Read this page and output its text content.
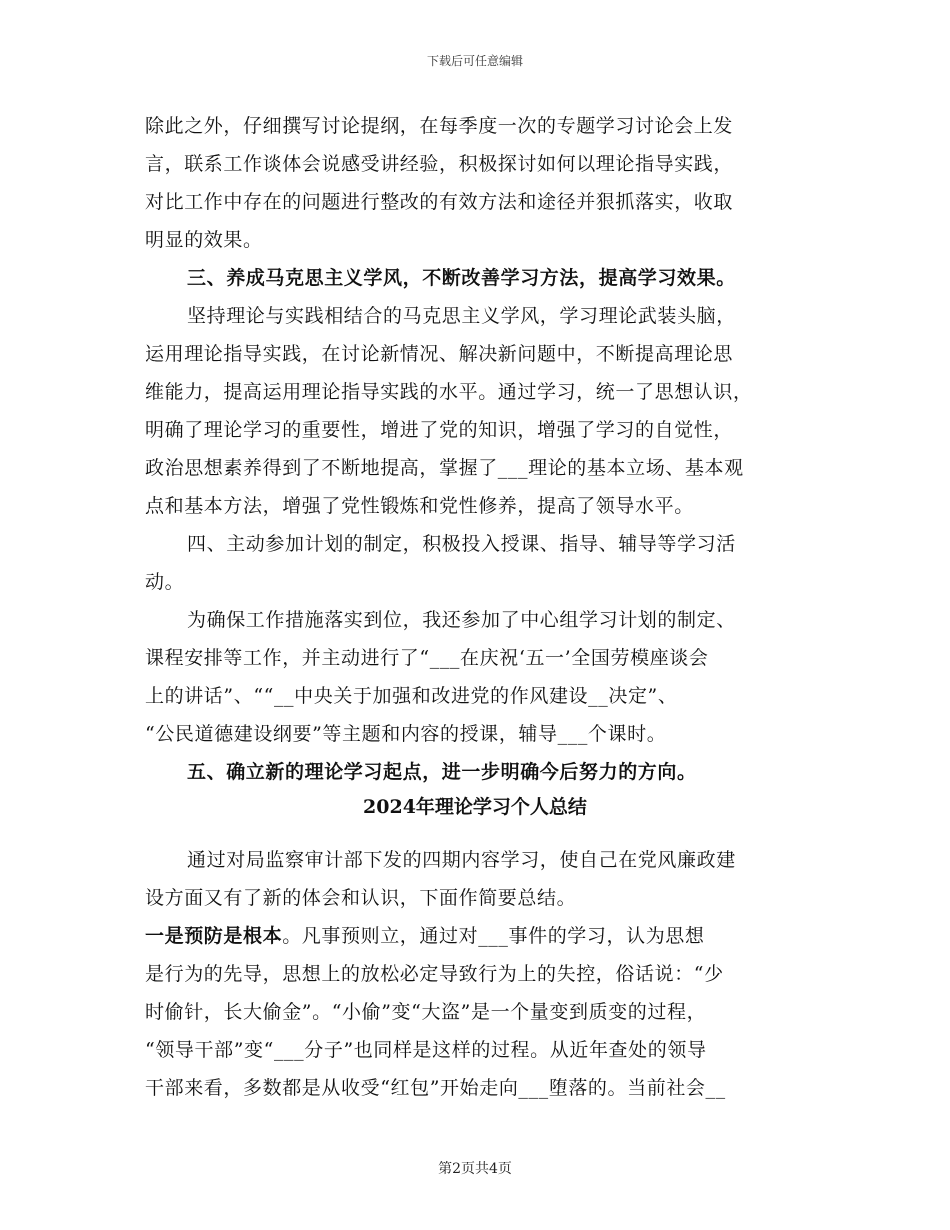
下载后可任意编辑
除此之外，仔细撰写讨论提纲，在每季度一次的专题学习讨论会上发
言，联系工作谈体会说感受讲经验，积极探讨如何以理论指导实践，
对比工作中存在的问题进行整改的有效方法和途径并狠抓落实，收取
明显的效果。
三、养成马克思主义学风，不断改善学习方法，提高学习效果。
坚持理论与实践相结合的马克思主义学风，学习理论武装头脑，
运用理论指导实践，在讨论新情况、解决新问题中，不断提高理论思
维能力，提高运用理论指导实践的水平。通过学习，统一了思想认识，
明确了理论学习的重要性，增进了党的知识，增强了学习的自觉性，
政治思想素养得到了不断地提高，掌握了___理论的基本立场、基本观
点和基本方法，增强了党性锻炼和党性修养，提高了领导水平。
四、主动参加计划的制定，积极投入授课、指导、辅导等学习活
动。
为确保工作措施落实到位，我还参加了中心组学习计划的制定、
课程安排等工作，并主动进行了“___在庆祝‘五一’全国劳模座谈会
上的讲话”、““__中央关于加强和改进党的作风建设__决定”、
“公民道德建设纲要”等主题和内容的授课，辅导___个课时。
五、确立新的理论学习起点，进一步明确今后努力的方向。
2024年理论学习个人总结
通过对局监察审计部下发的四期内容学习，使自己在党风廉政建
设方面又有了新的体会和认识，下面作简要总结。
一是预防是根本。凡事预则立，通过对___事件的学习，认为思想
是行为的先导，思想上的放松必定导致行为上的失控，俗话说：“少
时偷针，长大偷金”。“小偷”变“大盗”是一个量变到质变的过程，
“领导干部”变“___分子”也同样是这样的过程。从近年查处的领导
干部来看，多数都是从收受“红包”开始走向___堕落的。当前社会__
第2页共4页
